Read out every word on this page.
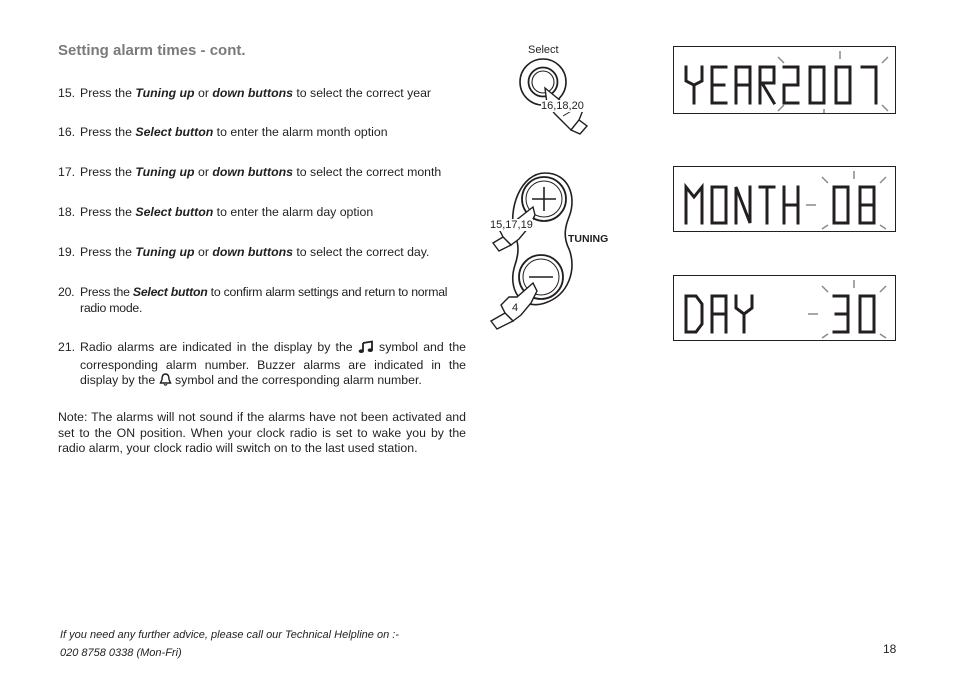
Setting alarm times - cont.
15. Press the Tuning up or down buttons to select the correct year
16. Press the Select button to enter the alarm month option
17. Press the Tuning up or down buttons to select the correct month
18. Press the Select button to enter the alarm day option
19. Press the Tuning up or down buttons to select the correct day.
20. Press the Select button to confirm alarm settings and return to normal radio mode.
21. Radio alarms are indicated in the display by the  symbol and the corresponding alarm number. Buzzer alarms are indicated in the display by the  symbol and the corresponding alarm number.
Note: The alarms will not sound if the alarms have not been activated and set to the ON position. When your clock radio is set to wake you by the radio alarm, your clock radio will switch on to the last used station.
If you need any further advice, please call our Technical Helpline on :-
020 8758 0338 (Mon-Fri)	18
Select
16,18,20
15,17,19
4
TUNING
